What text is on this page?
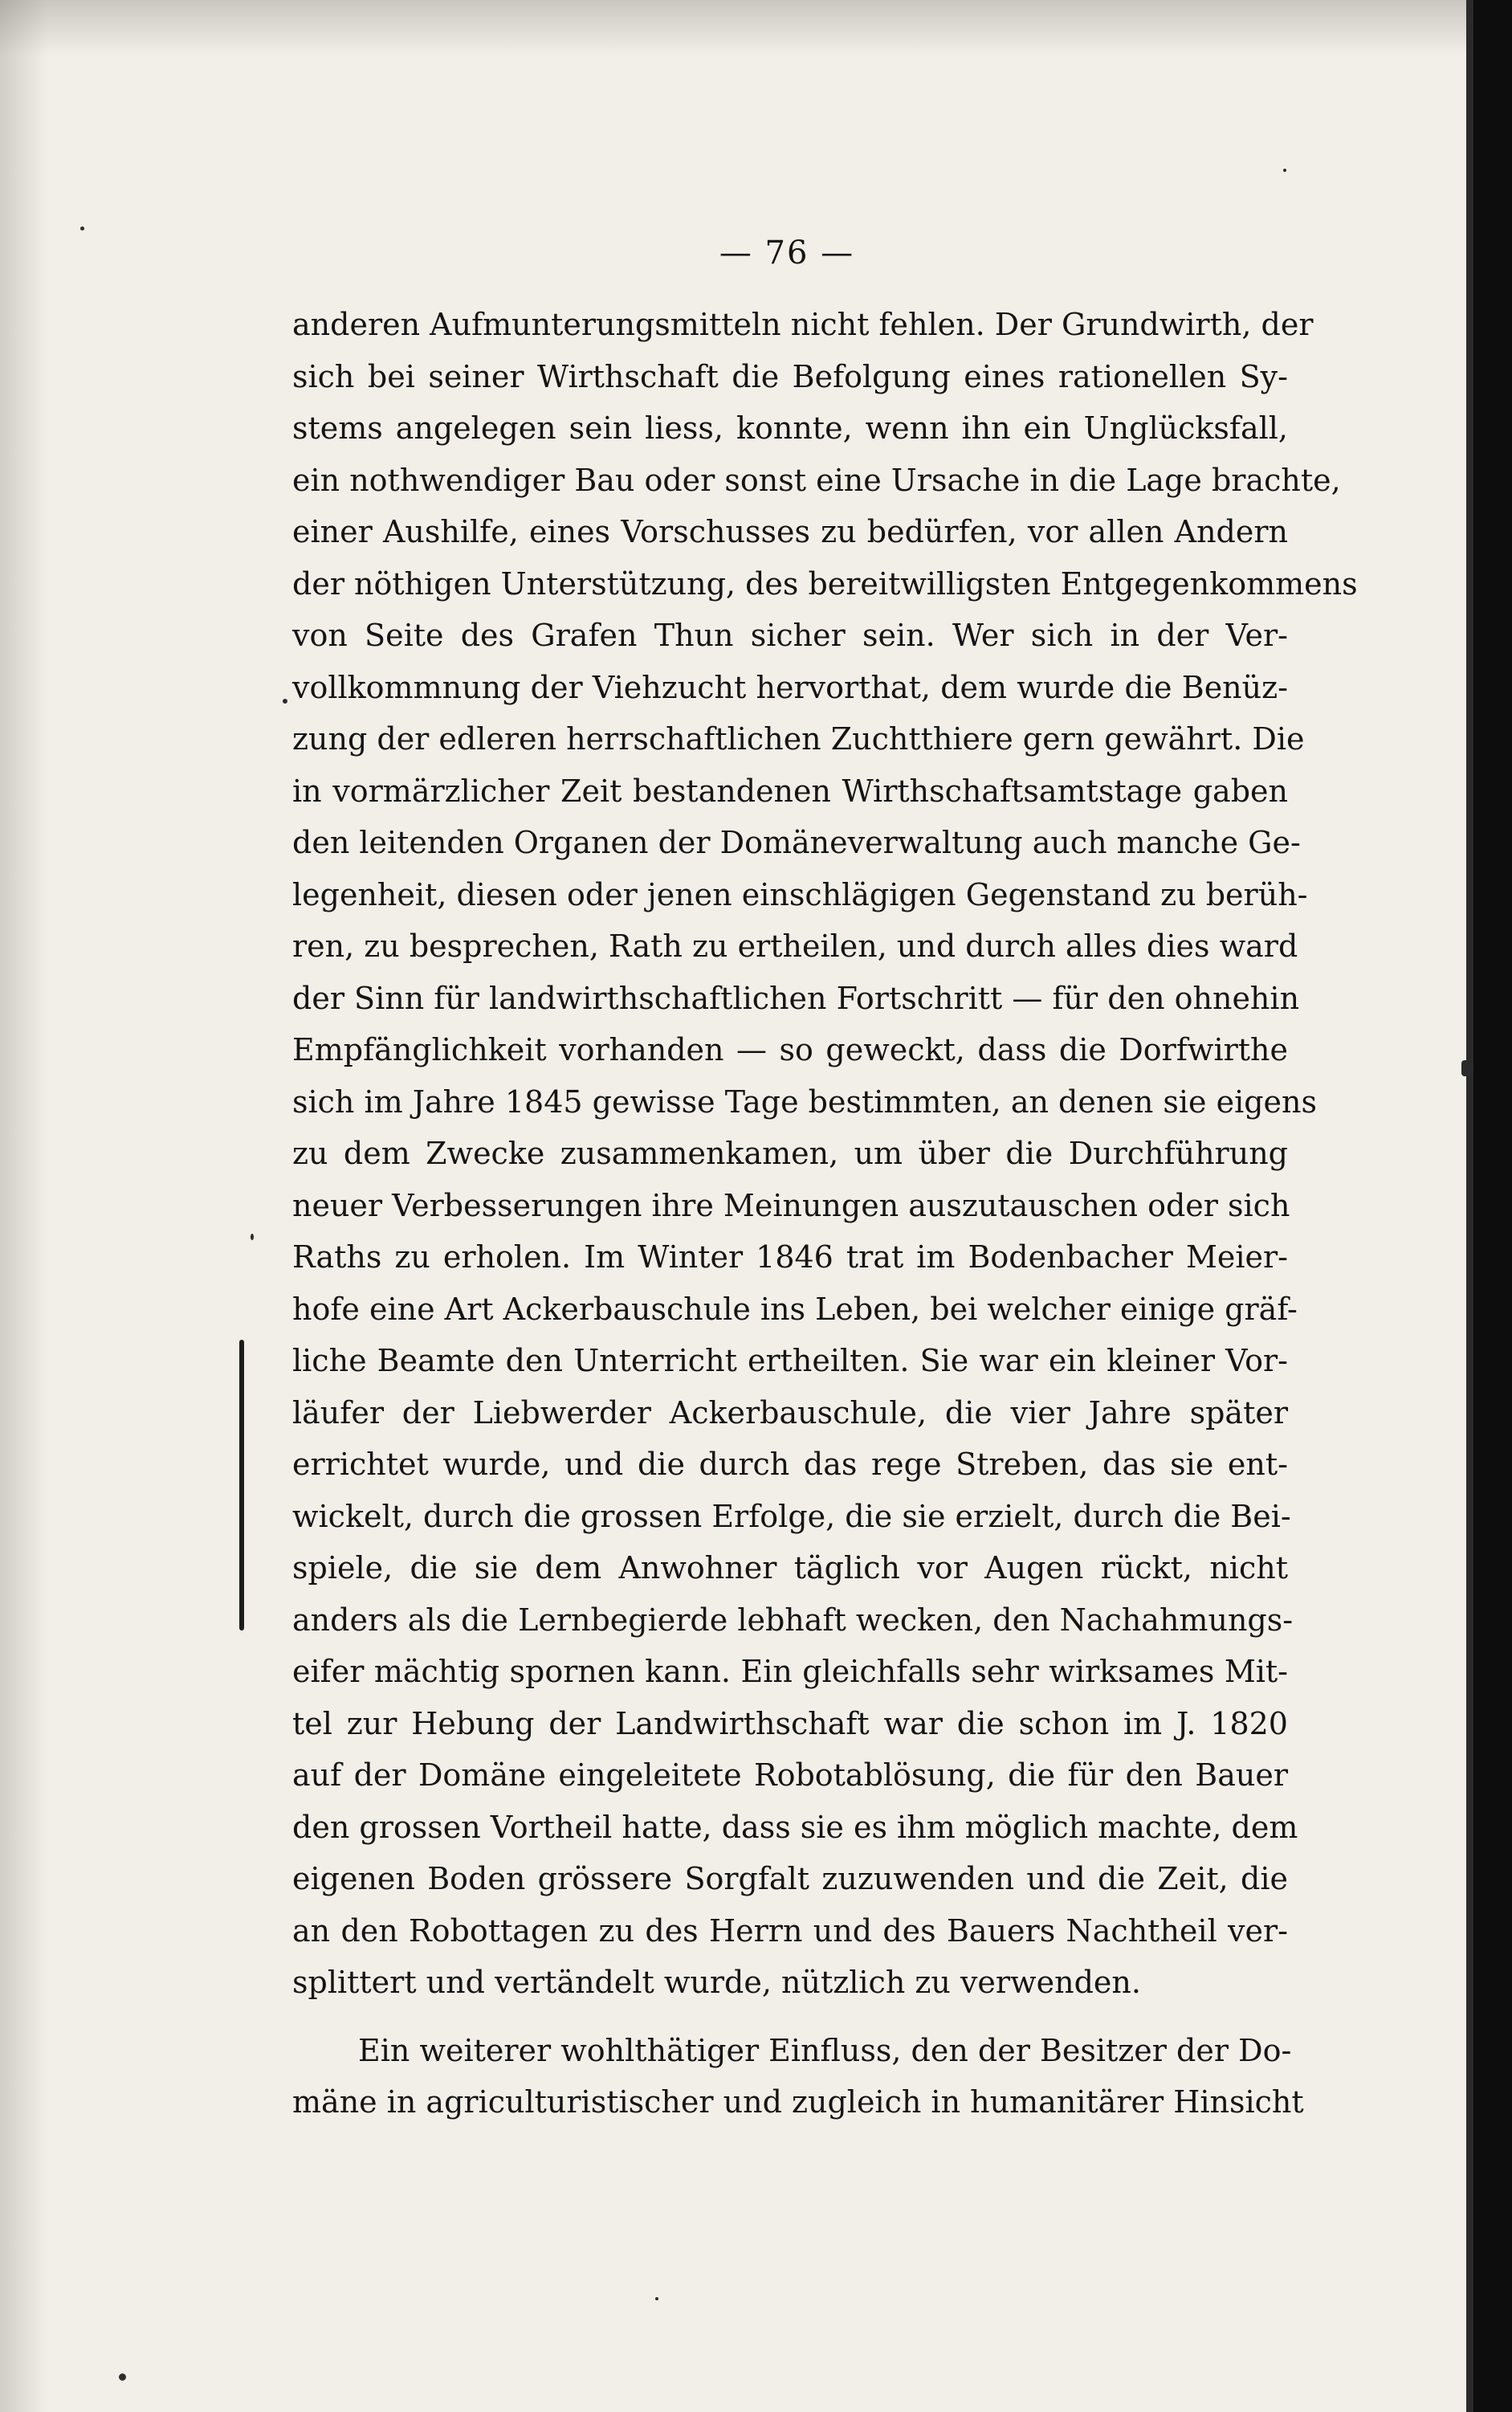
— 76 —
anderen Aufmunterungsmitteln nicht fehlen. Der Grundwirth, der
sich bei seiner Wirthschaft die Befolgung eines rationellen Sy-
stems angelegen sein liess, konnte, wenn ihn ein Unglücksfall,
ein nothwendiger Bau oder sonst eine Ursache in die Lage brachte,
einer Aushilfe, eines Vorschusses zu bedürfen, vor allen Andern
der nöthigen Unterstützung, des bereitwilligsten Entgegenkommens
von Seite des Grafen Thun sicher sein. Wer sich in der Ver-
vollkommnung der Viehzucht hervorthat, dem wurde die Benüz-
zung der edleren herrschaftlichen Zuchtthiere gern gewährt. Die
in vormärzlicher Zeit bestandenen Wirthschaftsamtstage gaben
den leitenden Organen der Domäneverwaltung auch manche Ge-
legenheit, diesen oder jenen einschlägigen Gegenstand zu berüh-
ren, zu besprechen, Rath zu ertheilen, und durch alles dies ward
der Sinn für landwirthschaftlichen Fortschritt — für den ohnehin
Empfänglichkeit vorhanden — so geweckt, dass die Dorfwirthe
sich im Jahre 1845 gewisse Tage bestimmten, an denen sie eigens
zu dem Zwecke zusammenkamen, um über die Durchführung
neuer Verbesserungen ihre Meinungen auszutauschen oder sich
Raths zu erholen. Im Winter 1846 trat im Bodenbacher Meier-
hofe eine Art Ackerbauschule ins Leben, bei welcher einige gräf-
liche Beamte den Unterricht ertheilten. Sie war ein kleiner Vor-
läufer der Liebwerder Ackerbauschule, die vier Jahre später
errichtet wurde, und die durch das rege Streben, das sie ent-
wickelt, durch die grossen Erfolge, die sie erzielt, durch die Bei-
spiele, die sie dem Anwohner täglich vor Augen rückt, nicht
anders als die Lernbegierde lebhaft wecken, den Nachahmungs-
eifer mächtig spornen kann. Ein gleichfalls sehr wirksames Mit-
tel zur Hebung der Landwirthschaft war die schon im J. 1820
auf der Domäne eingeleitete Robotablösung, die für den Bauer
den grossen Vortheil hatte, dass sie es ihm möglich machte, dem
eigenen Boden grössere Sorgfalt zuzuwenden und die Zeit, die
an den Robottagen zu des Herrn und des Bauers Nachtheil ver-
splittert und vertändelt wurde, nützlich zu verwenden.
Ein weiterer wohlthätiger Einfluss, den der Besitzer der Do-
mäne in agriculturistischer und zugleich in humanitärer Hinsicht
